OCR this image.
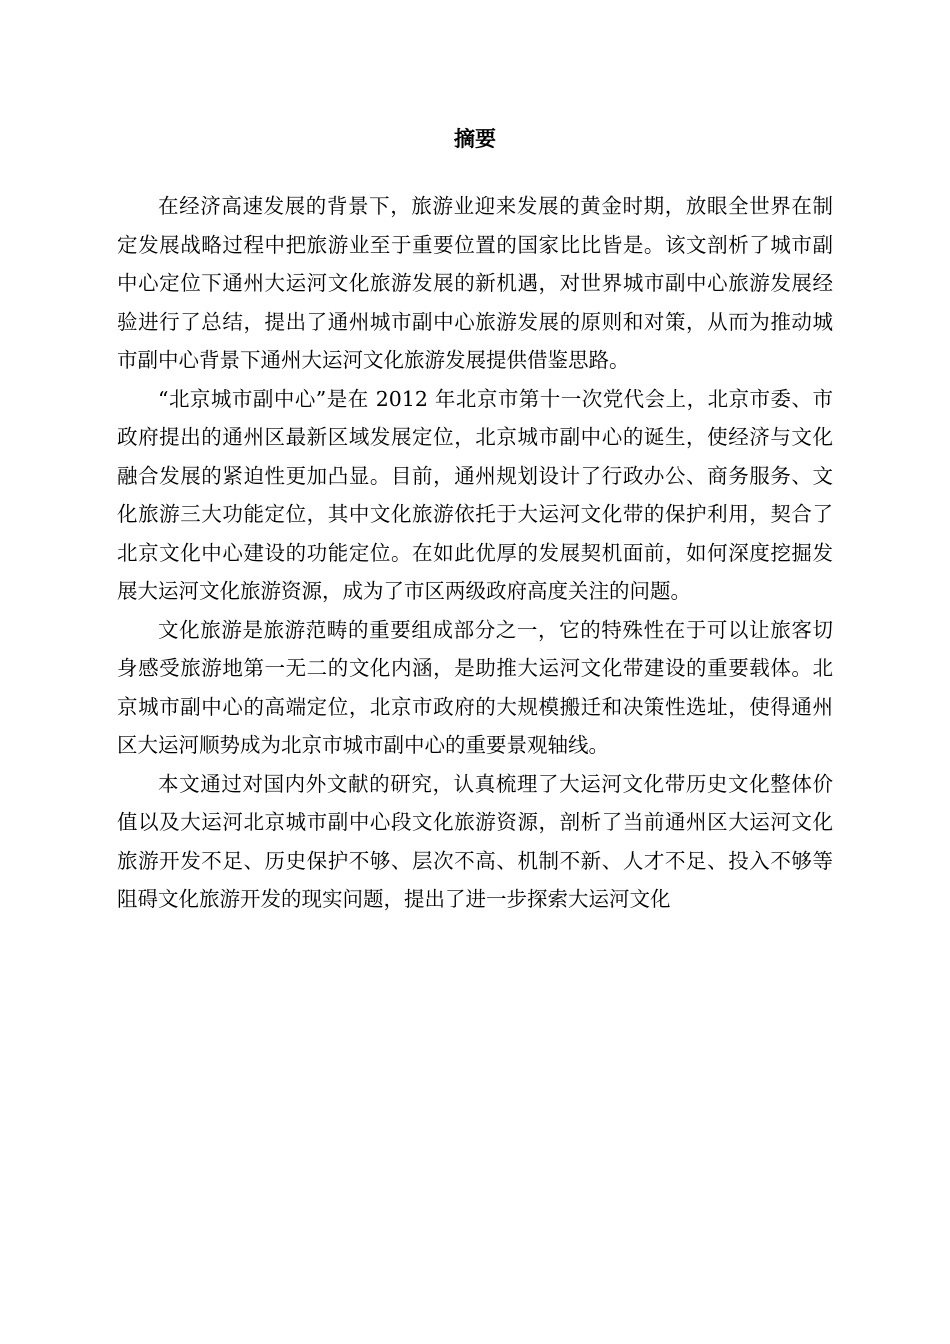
摘要

在经济高速发展的背景下，旅游业迎来发展的黄金时期，放眼全世界在制定发展战略过程中把旅游业至于重要位置的国家比比皆是。该文剖析了城市副中心定位下通州大运河文化旅游发展的新机遇，对世界城市副中心旅游发展经验进行了总结，提出了通州城市副中心旅游发展的原则和对策，从而为推动城市副中心背景下通州大运河文化旅游发展提供借鉴思路。

“北京城市副中心”是在 2012 年北京市第十一次党代会上，北京市委、市政府提出的通州区最新区域发展定位，北京城市副中心的诞生，使经济与文化融合发展的紧迫性更加凸显。目前，通州规划设计了行政办公、商务服务、文化旅游三大功能定位，其中文化旅游依托于大运河文化带的保护利用，契合了北京文化中心建设的功能定位。在如此优厚的发展契机面前，如何深度挖掘发展大运河文化旅游资源，成为了市区两级政府高度关注的问题。

文化旅游是旅游范畴的重要组成部分之一，它的特殊性在于可以让旅客切身感受旅游地第一无二的文化内涵，是助推大运河文化带建设的重要载体。北京城市副中心的高端定位，北京市政府的大规模搬迁和决策性选址，使得通州区大运河顺势成为北京市城市副中心的重要景观轴线。

本文通过对国内外文献的研究，认真梳理了大运河文化带历史文化整体价值以及大运河北京城市副中心段文化旅游资源，剖析了当前通州区大运河文化旅游开发不足、历史保护不够、层次不高、机制不新、人才不足、投入不够等阻碍文化旅游开发的现实问题，提出了进一步探索大运河文化
